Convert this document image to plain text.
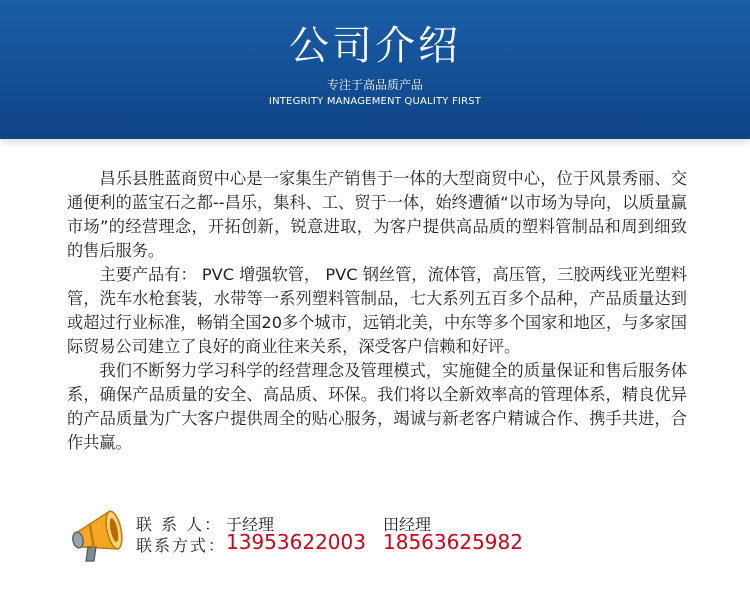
公司介绍
专注于高品质产品
INTEGRITY MANAGEMENT QUALITY FIRST

昌乐县胜蓝商贸中心是一家集生产销售于一体的大型商贸中心，位于风景秀丽、交通便利的蓝宝石之都--昌乐，集科、工、贸于一体，始终遭循“以市场为导向，以质量赢市场”的经营理念，开拓创新，锐意进取，为客户提供高品质的塑料管制品和周到细致的售后服务。

主要产品有： PVC 增强软管， PVC 钢丝管，流体管，高压管，三胶两线亚光塑料管，洗车水枪套装，水带等一系列塑料管制品，七大系列五百多个品种，产品质量达到或超过行业标准，畅销全国20多个城市，远销北美，中东等多个国家和地区，与多家国际贸易公司建立了良好的商业往来关系，深受客户信赖和好评。

我们不断努力学习科学的经营理念及管理模式，实施健全的质量保证和售后服务体系，确保产品质量的安全、高品质、环保。我们将以全新效率高的管理体系，精良优异的产品质量为广大客户提供周全的贴心服务，竭诚与新老客户精诚合作、携手共进，合作共赢。

联 系 人： 于经理	田经理
联系方式： 13953622003 18563625982
